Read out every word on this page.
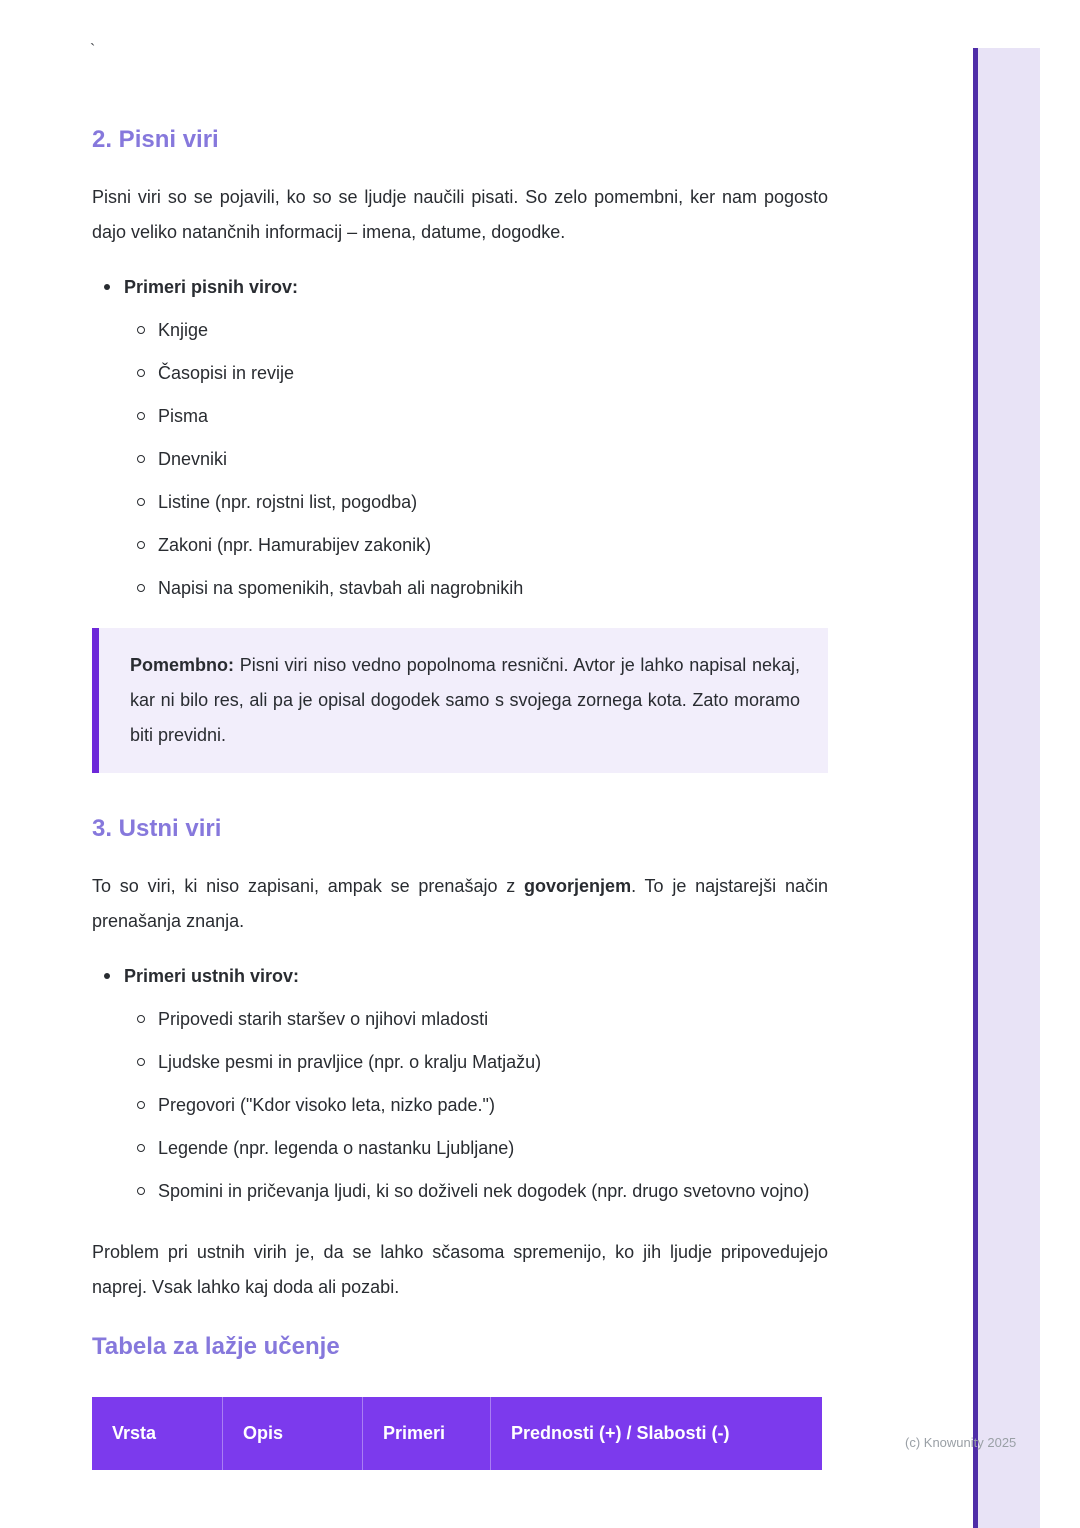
`
2. Pisni viri

Pisni viri so se pojavili, ko so se ljudje naučili pisati. So zelo pomembni, ker nam pogosto dajo veliko natančnih informacij – imena, datume, dogodke.

Primeri pisnih virov:
Knjige
Časopisi in revije
Pisma
Dnevniki
Listine (npr. rojstni list, pogodba)
Zakoni (npr. Hamurabijev zakonik)
Napisi na spomenikih, stavbah ali nagrobnikih

Pomembno: Pisni viri niso vedno popolnoma resnični. Avtor je lahko napisal nekaj, kar ni bilo res, ali pa je opisal dogodek samo s svojega zornega kota. Zato moramo biti previdni.

3. Ustni viri

To so viri, ki niso zapisani, ampak se prenašajo z govorjenjem. To je najstarejši način prenašanja znanja.

Primeri ustnih virov:
Pripovedi starih staršev o njihovi mladosti
Ljudske pesmi in pravljice (npr. o kralju Matjažu)
Pregovori ("Kdor visoko leta, nizko pade.")
Legende (npr. legenda o nastanku Ljubljane)
Spomini in pričevanja ljudi, ki so doživeli nek dogodek (npr. drugo svetovno vojno)

Problem pri ustnih virih je, da se lahko sčasoma spremenijo, ko jih ljudje pripovedujejo naprej. Vsak lahko kaj doda ali pozabi.

Tabela za lažje učenje
Vrsta	Opis	Primeri	Prednosti (+) / Slabosti (-)	(c) Knowunity 2025
